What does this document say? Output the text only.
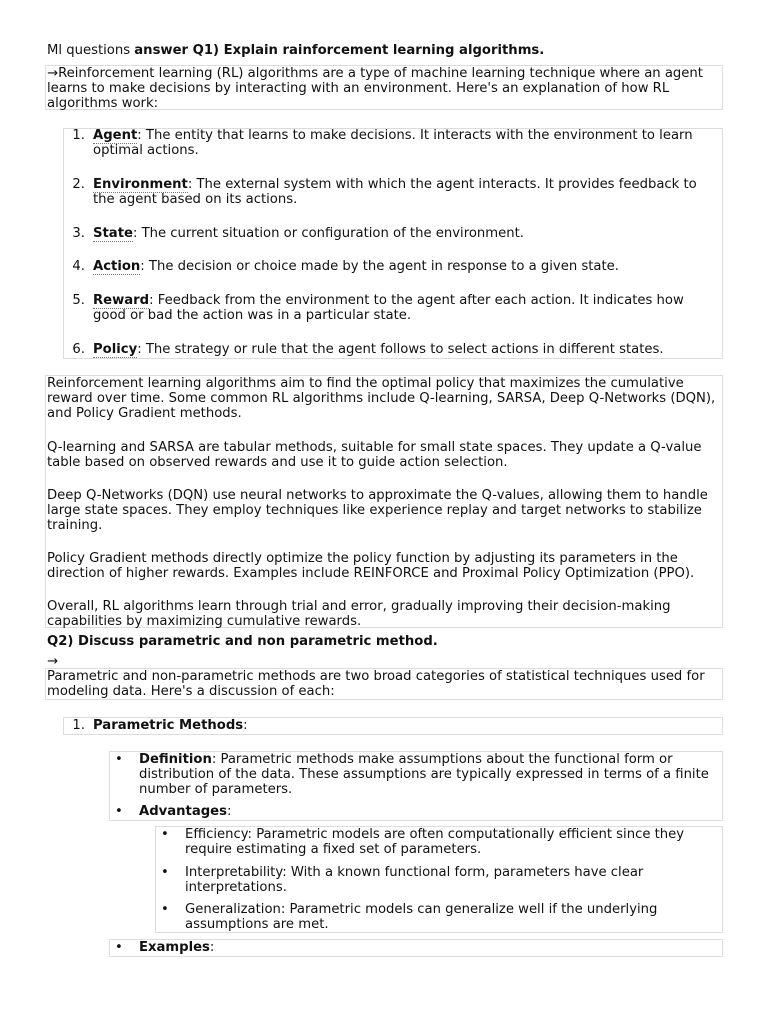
Ml questions answer Q1) Explain rainforcement learning algorithms.

→Reinforcement learning (RL) algorithms are a type of machine learning technique where an agent learns to make decisions by interacting with an environment. Here's an explanation of how RL algorithms work:

1. Agent: The entity that learns to make decisions. It interacts with the environment to learn optimal actions.
2. Environment: The external system with which the agent interacts. It provides feedback to the agent based on its actions.
3. State: The current situation or configuration of the environment.
4. Action: The decision or choice made by the agent in response to a given state.
5. Reward: Feedback from the environment to the agent after each action. It indicates how good or bad the action was in a particular state.
6. Policy: The strategy or rule that the agent follows to select actions in different states.

Reinforcement learning algorithms aim to find the optimal policy that maximizes the cumulative reward over time. Some common RL algorithms include Q-learning, SARSA, Deep Q-Networks (DQN), and Policy Gradient methods.

Q-learning and SARSA are tabular methods, suitable for small state spaces. They update a Q-value table based on observed rewards and use it to guide action selection.

Deep Q-Networks (DQN) use neural networks to approximate the Q-values, allowing them to handle large state spaces. They employ techniques like experience replay and target networks to stabilize training.

Policy Gradient methods directly optimize the policy function by adjusting its parameters in the direction of higher rewards. Examples include REINFORCE and Proximal Policy Optimization (PPO).

Overall, RL algorithms learn through trial and error, gradually improving their decision-making capabilities by maximizing cumulative rewards.

Q2) Discuss parametric and non parametric method.

→

Parametric and non-parametric methods are two broad categories of statistical techniques used for modeling data. Here's a discussion of each:

1. Parametric Methods:
• Definition: Parametric methods make assumptions about the functional form or distribution of the data. These assumptions are typically expressed in terms of a finite number of parameters.
• Advantages:
• Efficiency: Parametric models are often computationally efficient since they require estimating a fixed set of parameters.
• Interpretability: With a known functional form, parameters have clear interpretations.
• Generalization: Parametric models can generalize well if the underlying assumptions are met.
• Examples:
